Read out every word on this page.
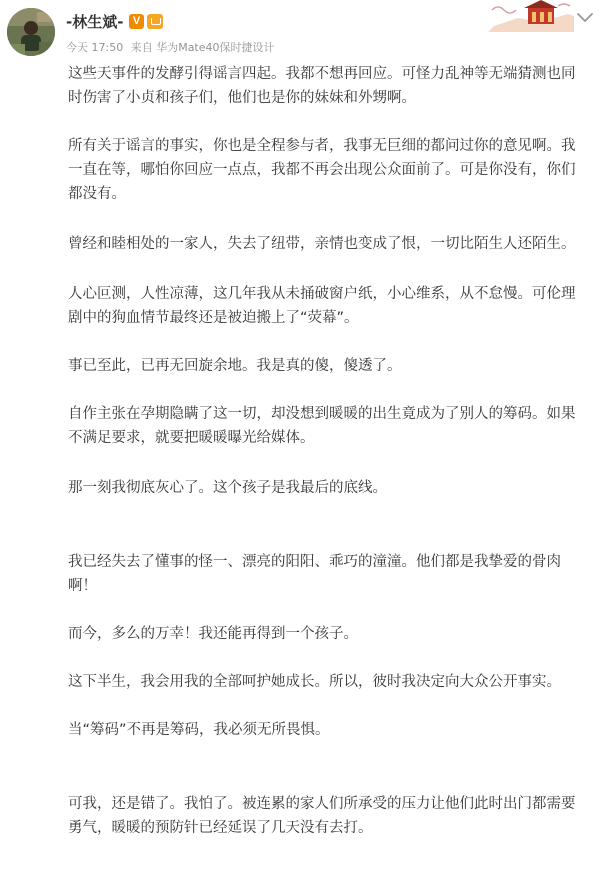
-林生斌- V
今天 17:50 来自 华为Mate40保时捷设计

这些天事件的发酵引得谣言四起。我都不想再回应。可怪力乱神等无端猜测也同时伤害了小贞和孩子们，他们也是你的妹妹和外甥啊。

所有关于谣言的事实，你也是全程参与者，我事无巨细的都问过你的意见啊。我一直在等，哪怕你回应一点点，我都不再会出现公众面前了。可是你没有，你们都没有。

曾经和睦相处的一家人，失去了纽带，亲情也变成了恨，一切比陌生人还陌生。

人心叵测，人性凉薄，这几年我从未捅破窗户纸，小心维系，从不怠慢。可伦理剧中的狗血情节最终还是被迫搬上了“荧幕”。

事已至此，已再无回旋余地。我是真的傻，傻透了。

自作主张在孕期隐瞒了这一切，却没想到暖暖的出生竟成为了别人的筹码。如果不满足要求，就要把暖暖曝光给媒体。

那一刻我彻底灰心了。这个孩子是我最后的底线。

我已经失去了懂事的怪一、漂亮的阳阳、乖巧的潼潼。他们都是我挚爱的骨肉啊！

而今，多么的万幸！我还能再得到一个孩子。

这下半生，我会用我的全部呵护她成长。所以，彼时我决定向大众公开事实。

当“筹码”不再是筹码，我必须无所畏惧。

可我，还是错了。我怕了。被连累的家人们所承受的压力让他们此时出门都需要勇气，暖暖的预防针已经延误了几天没有去打。
